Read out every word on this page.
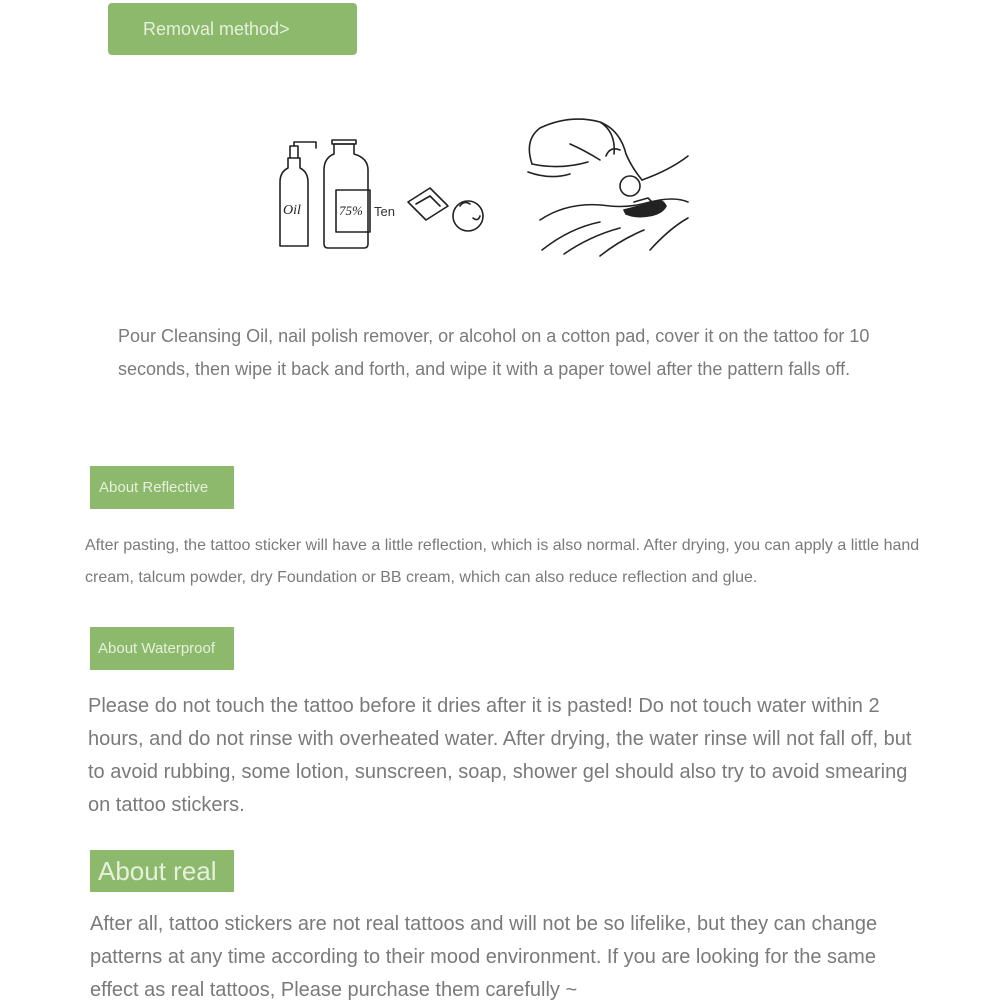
Removal method>
Oil	75% Ten

Pour Cleansing Oil, nail polish remover, or alcohol on a cotton pad, cover it on the tattoo for 10 seconds, then wipe it back and forth, and wipe it with a paper towel after the pattern falls off.

About Reflective

After pasting, the tattoo sticker will have a little reflection, which is also normal. After drying, you can apply a little hand cream, talcum powder, dry Foundation or BB cream, which can also reduce reflection and glue.

About Waterproof

Please do not touch the tattoo before it dries after it is pasted! Do not touch water within 2 hours, and do not rinse with overheated water. After drying, the water rinse will not fall off, but to avoid rubbing, some lotion, sunscreen, soap, shower gel should also try to avoid smearing on tattoo stickers.

About real

After all, tattoo stickers are not real tattoos and will not be so lifelike, but they can change patterns at any time according to their mood environment. If you are looking for the same effect as real tattoos, Please purchase them carefully ~
